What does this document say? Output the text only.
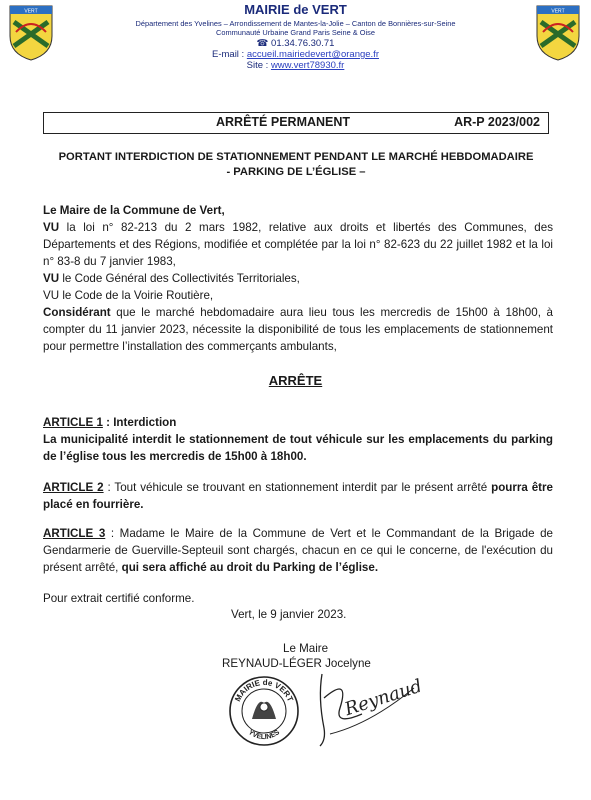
VERT	VERT
MAIRIE de VERT
Département des Yvelines – Arrondissement de Mantes-la-Jolie – Canton de Bonnières-sur-Seine
Communauté Urbaine Grand Paris Seine & Oise
☎ 01.34.76.30.71
E-mail : accueil.mairiedevert@orange.fr
Site : www.vert78930.fr
ARRÊTÉ PERMANENT	AR-P 2023/002
PORTANT INTERDICTION DE STATIONNEMENT PENDANT LE MARCHÉ HEBDOMADAIRE
- PARKING DE L’ÉGLISE –
Le Maire de la Commune de Vert,
VU la loi n° 82-213 du 2 mars 1982, relative aux droits et libertés des Communes, des Départements et des Régions, modifiée et complétée par la loi n° 82-623 du 22 juillet 1982 et la loi n° 83-8 du 7 janvier 1983,
VU le Code Général des Collectivités Territoriales,
VU le Code de la Voirie Routière,
Considérant que le marché hebdomadaire aura lieu tous les mercredis de 15h00 à 18h00, à compter du 11 janvier 2023, nécessite la disponibilité de tous les emplacements de stationnement pour permettre l’installation des commerçants ambulants,
ARRÊTE
ARTICLE 1 : Interdiction
La municipalité interdit le stationnement de tout véhicule sur les emplacements du parking de l’église tous les mercredis de 15h00 à 18h00.
ARTICLE 2 : Tout véhicule se trouvant en stationnement interdit par le présent arrêté pourra être placé en fourrière.
ARTICLE 3 : Madame le Maire de la Commune de Vert et le Commandant de la Brigade de Gendarmerie de Guerville-Septeuil sont chargés, chacun en ce qui le concerne, de l'exécution du présent arrêté, qui sera affiché au droit du Parking de l’église.
Pour extrait certifié conforme.
Vert, le 9 janvier 2023.
Le Maire
REYNAUD-LÉGER Jocelyne
MAIRIE de VERT
YVELINES
Reynaud
